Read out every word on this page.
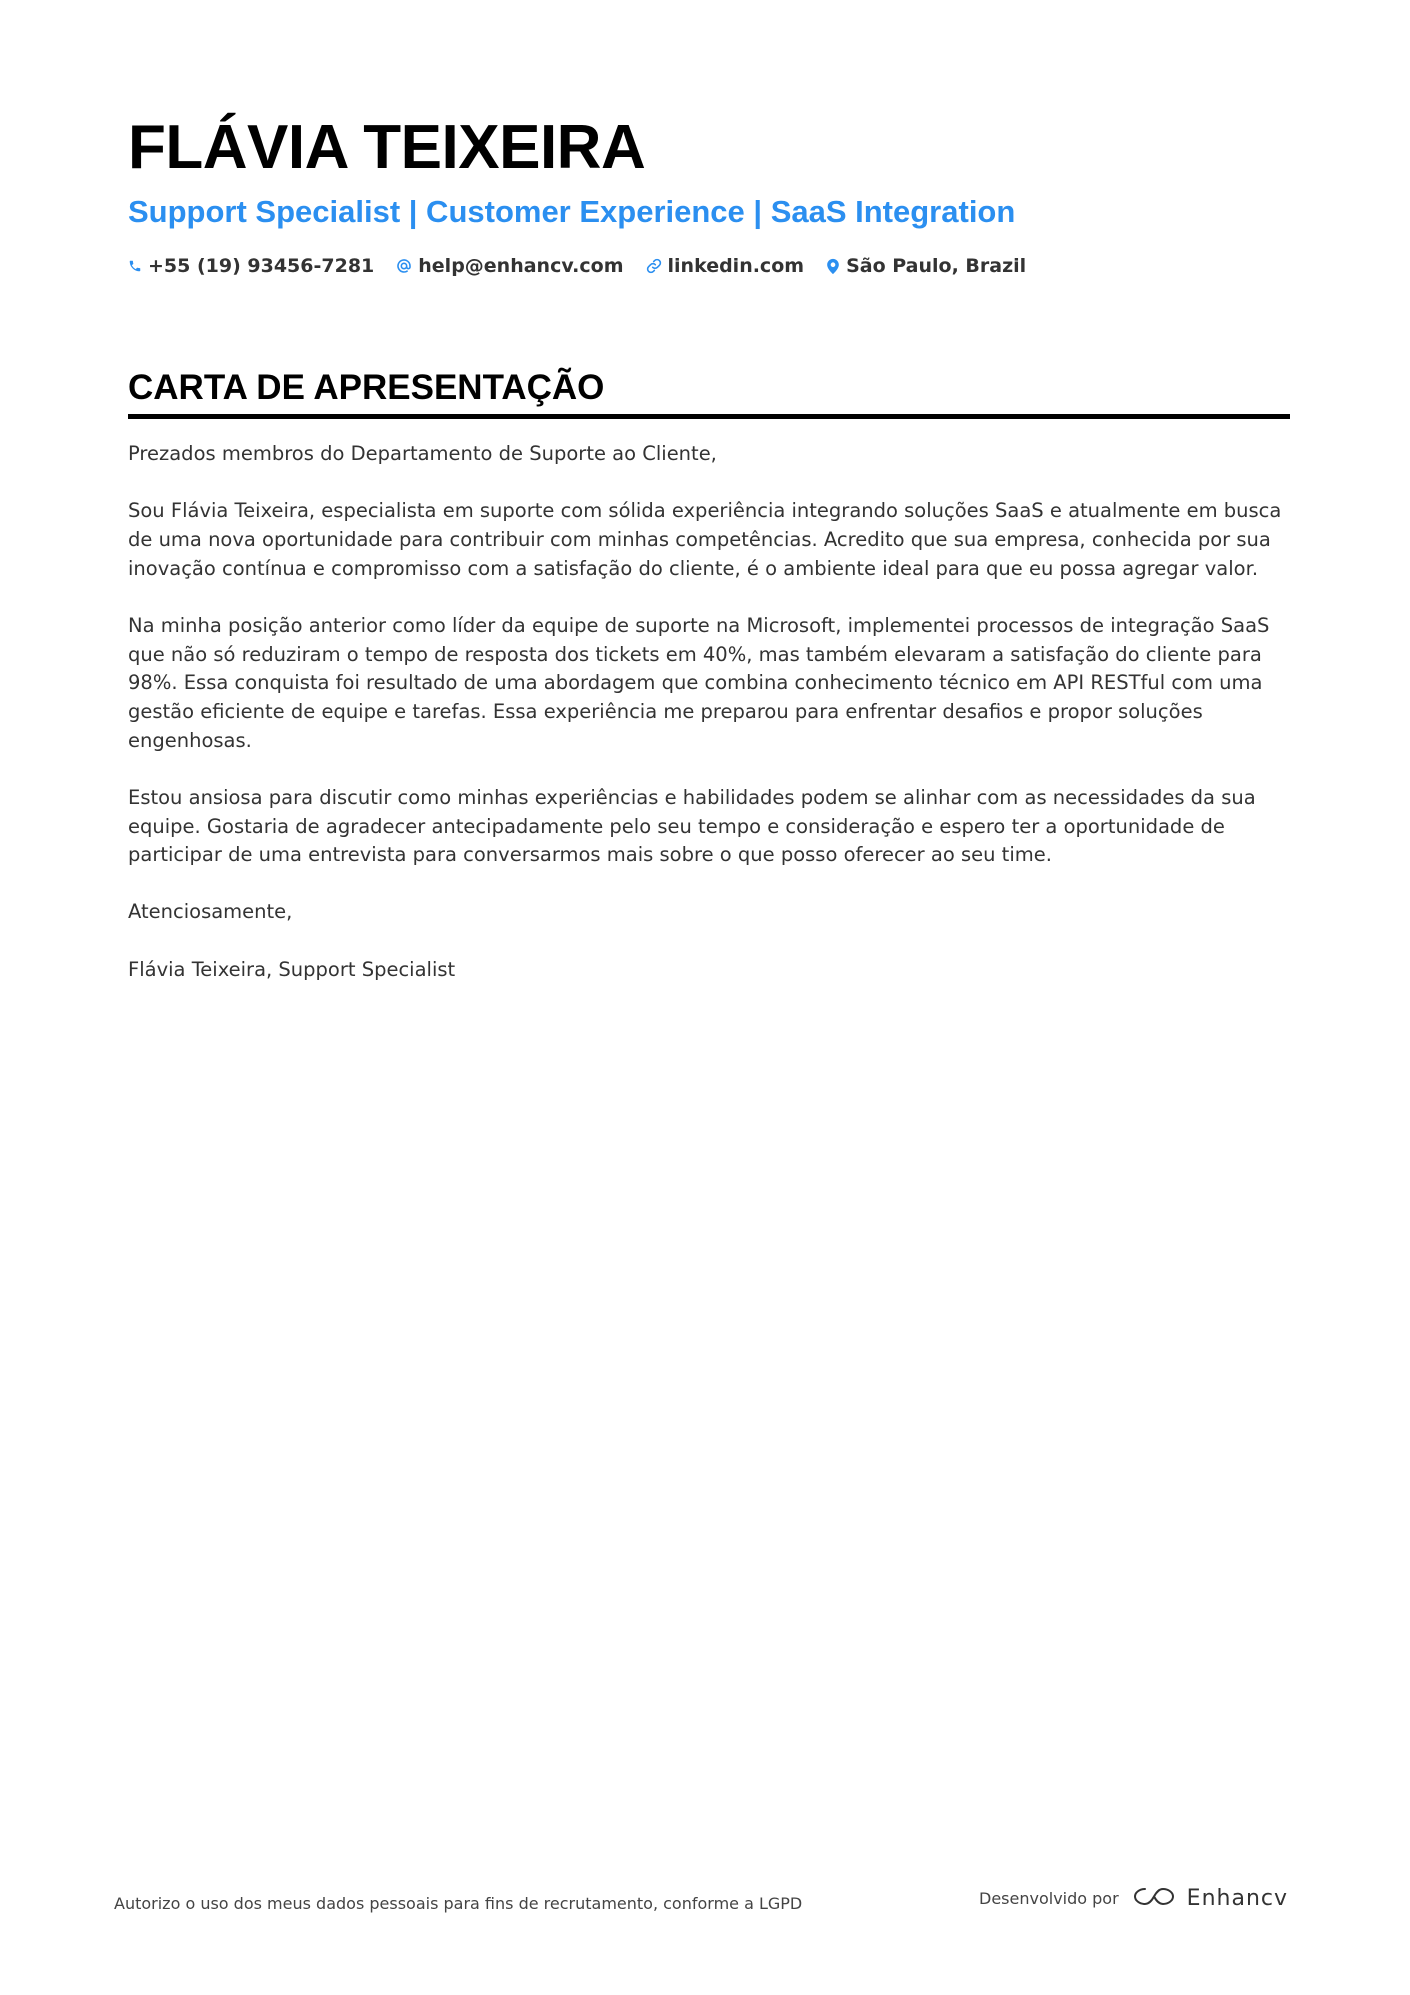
FLÁVIA TEIXEIRA
Support Specialist | Customer Experience | SaaS Integration
+55 (19) 93456-7281 help@enhancv.com linkedin.com São Paulo, Brazil
CARTA DE APRESENTAÇÃO

Prezados membros do Departamento de Suporte ao Cliente,

Sou Flávia Teixeira, especialista em suporte com sólida experiência integrando soluções SaaS e atualmente em busca de uma nova oportunidade para contribuir com minhas competências. Acredito que sua empresa, conhecida por sua inovação contínua e compromisso com a satisfação do cliente, é o ambiente ideal para que eu possa agregar valor.

Na minha posição anterior como líder da equipe de suporte na Microsoft, implementei processos de integração SaaS que não só reduziram o tempo de resposta dos tickets em 40%, mas também elevaram a satisfação do cliente para 98%. Essa conquista foi resultado de uma abordagem que combina conhecimento técnico em API RESTful com uma gestão eficiente de equipe e tarefas. Essa experiência me preparou para enfrentar desafios e propor soluções engenhosas.

Estou ansiosa para discutir como minhas experiências e habilidades podem se alinhar com as necessidades da sua equipe. Gostaria de agradecer antecipadamente pelo seu tempo e consideração e espero ter a oportunidade de participar de uma entrevista para conversarmos mais sobre o que posso oferecer ao seu time.

Atenciosamente,

Flávia Teixeira, Support Specialist

Autorizo o uso dos meus dados pessoais para fins de recrutamento, conforme a LGPD	Desenvolvido por	Enhancv
